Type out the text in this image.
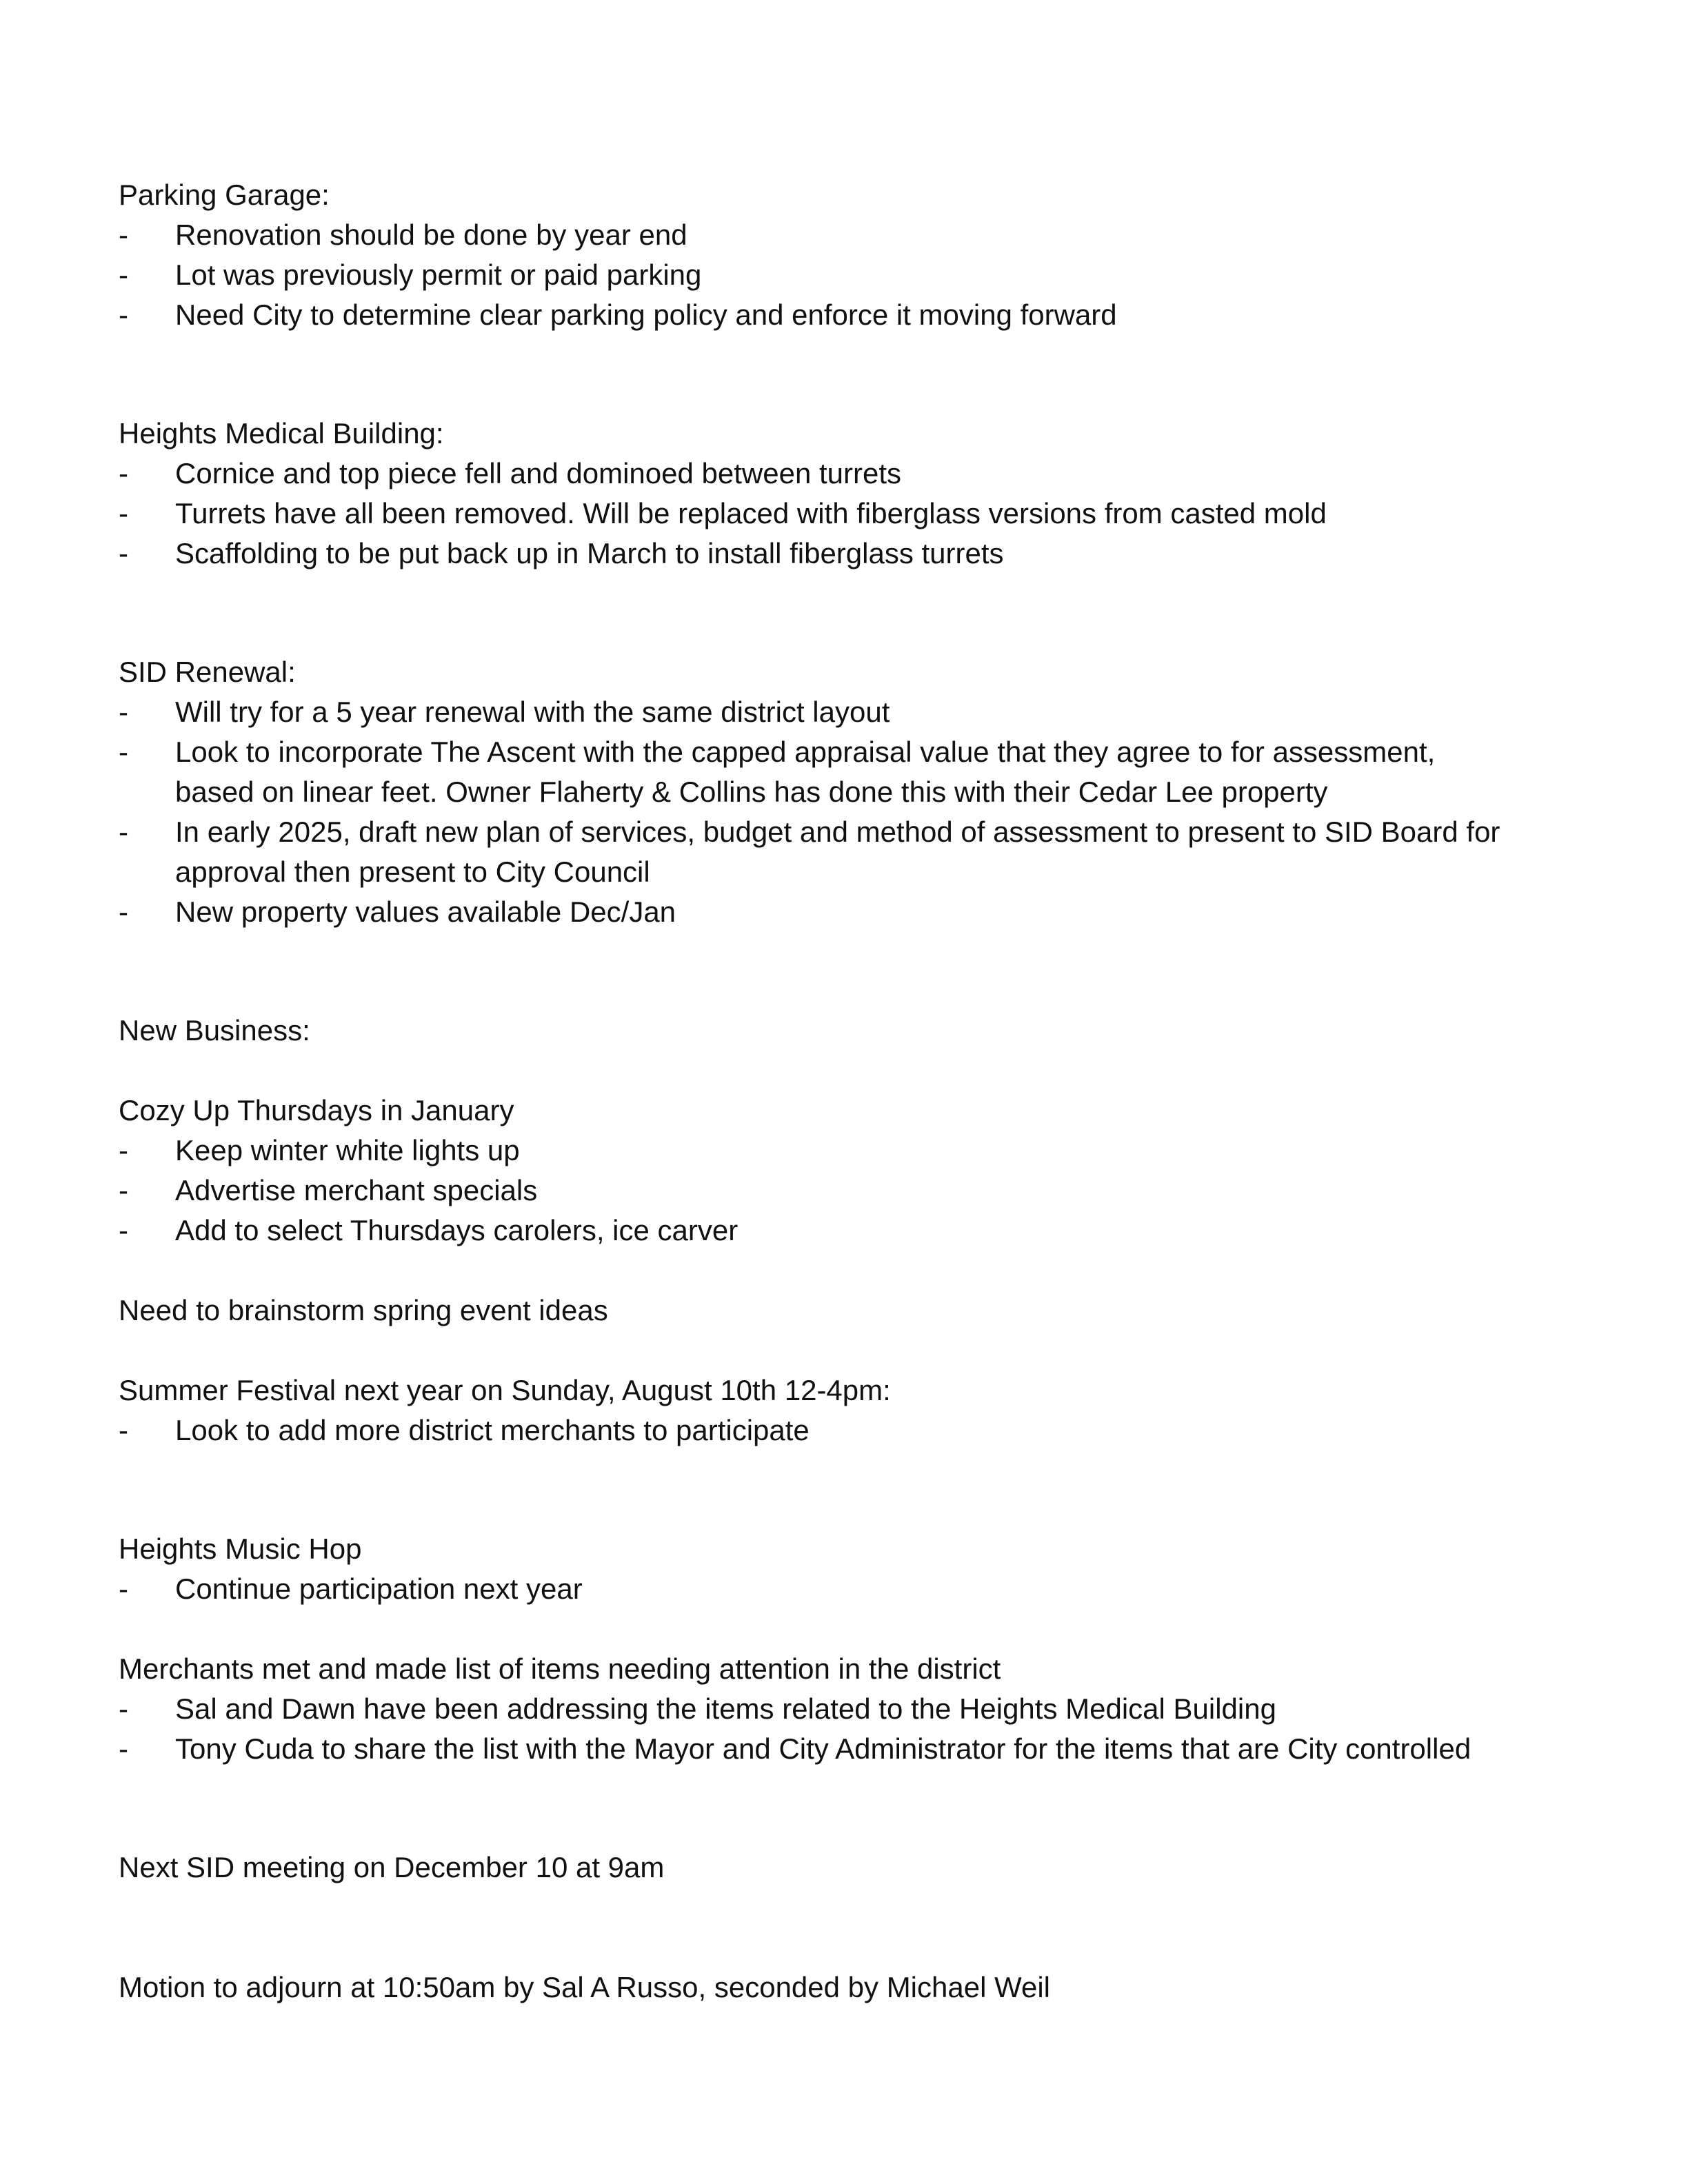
Parking Garage:
-	Renovation should be done by year end
-	Lot was previously permit or paid parking
-	Need City to determine clear parking policy and enforce it moving forward
Heights Medical Building:
-	Cornice and top piece fell and dominoed between turrets
-	Turrets have all been removed. Will be replaced with fiberglass versions from casted mold
-	Scaffolding to be put back up in March to install fiberglass turrets
SID Renewal:
-	Will try for a 5 year renewal with the same district layout
-	Look to incorporate The Ascent with the capped appraisal value that they agree to for assessment,
based on linear feet. Owner Flaherty & Collins has done this with their Cedar Lee property
-	In early 2025, draft new plan of services, budget and method of assessment to present to SID Board for
approval then present to City Council
-	New property values available Dec/Jan
New Business:
Cozy Up Thursdays in January
-	Keep winter white lights up
-	Advertise merchant specials
-	Add to select Thursdays carolers, ice carver
Need to brainstorm spring event ideas
Summer Festival next year on Sunday, August 10th 12-4pm:
-	Look to add more district merchants to participate
Heights Music Hop
-	Continue participation next year
Merchants met and made list of items needing attention in the district
-	Sal and Dawn have been addressing the items related to the Heights Medical Building
-	Tony Cuda to share the list with the Mayor and City Administrator for the items that are City controlled
Next SID meeting on December 10 at 9am
Motion to adjourn at 10:50am by Sal A Russo, seconded by Michael Weil
